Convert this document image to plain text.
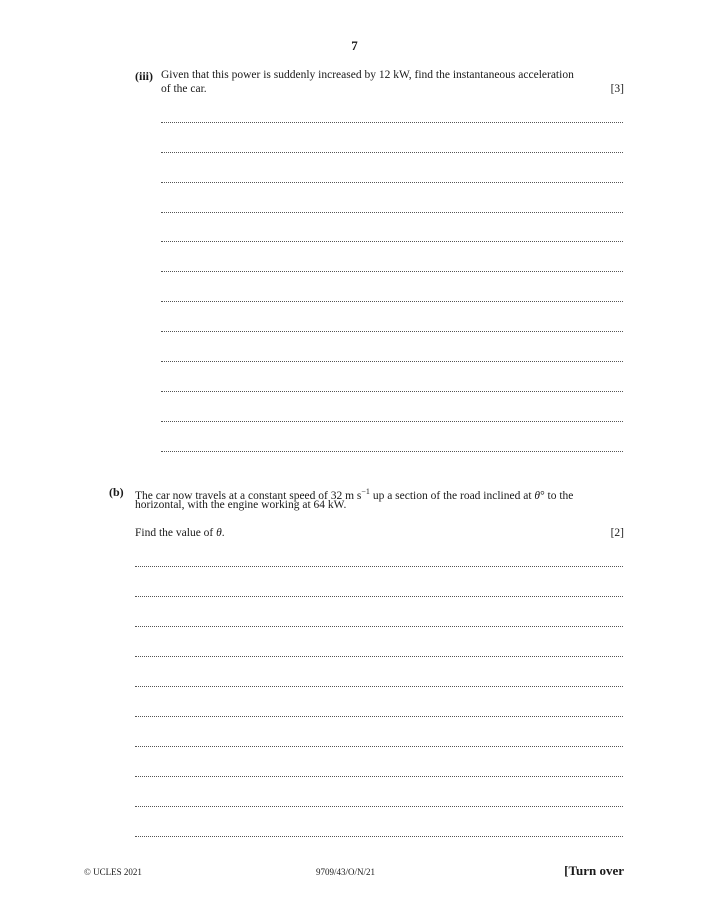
7
(iii) Given that this power is suddenly increased by 12 kW, find the instantaneous acceleration
of the car.	[3]
(b) The car now travels at a constant speed of 32 m $s^{-1}$ up a section of the road inclined at θ° to the
horizontal, with the engine working at 64 kW.
Find the value of θ.	[2]
© UCLES 2021	9709/43/O/N/21	[Turn over
